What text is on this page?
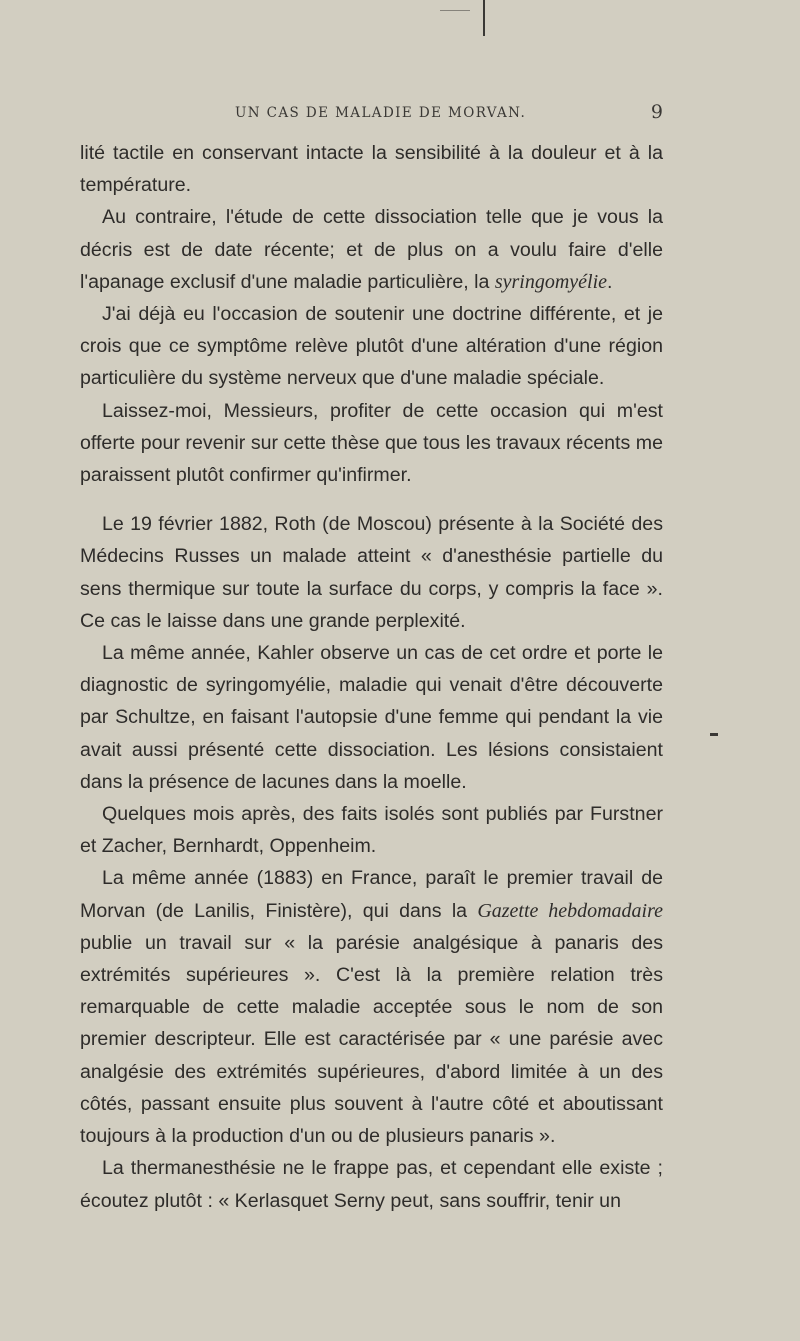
UN CAS DE MALADIE DE MORVAN.	9

lité tactile en conservant intacte la sensibilité à la douleur et à la température.

Au contraire, l'étude de cette dissociation telle que je vous la décris est de date récente; et de plus on a voulu faire d'elle l'apanage exclusif d'une maladie particulière, la syringomyélie.

J'ai déjà eu l'occasion de soutenir une doctrine différente, et je crois que ce symptôme relève plutôt d'une altération d'une région particulière du système nerveux que d'une maladie spéciale.

Laissez-moi, Messieurs, profiter de cette occasion qui m'est offerte pour revenir sur cette thèse que tous les travaux récents me paraissent plutôt confirmer qu'infirmer.

Le 19 février 1882, Roth (de Moscou) présente à la Société des Médecins Russes un malade atteint « d'anesthésie partielle du sens thermique sur toute la surface du corps, y compris la face ». Ce cas le laisse dans une grande perplexité.

La même année, Kahler observe un cas de cet ordre et porte le diagnostic de syringomyélie, maladie qui venait d'être découverte par Schultze, en faisant l'autopsie d'une femme qui pendant la vie avait aussi présenté cette dissociation. Les lésions consistaient dans la présence de lacunes dans la moelle.

Quelques mois après, des faits isolés sont publiés par Furstner et Zacher, Bernhardt, Oppenheim.

La même année (1883) en France, paraît le premier travail de Morvan (de Lanilis, Finistère), qui dans la Gazette hebdomadaire publie un travail sur « la parésie analgésique à panaris des extrémités supérieures ». C'est là la première relation très remarquable de cette maladie acceptée sous le nom de son premier descripteur. Elle est caractérisée par « une parésie avec analgésie des extrémités supérieures, d'abord limitée à un des côtés, passant ensuite plus souvent à l'autre côté et aboutissant toujours à la production d'un ou de plusieurs panaris ».

La thermanesthésie ne le frappe pas, et cependant elle existe ; écoutez plutôt : « Kerlasquet Serny peut, sans souffrir, tenir un
